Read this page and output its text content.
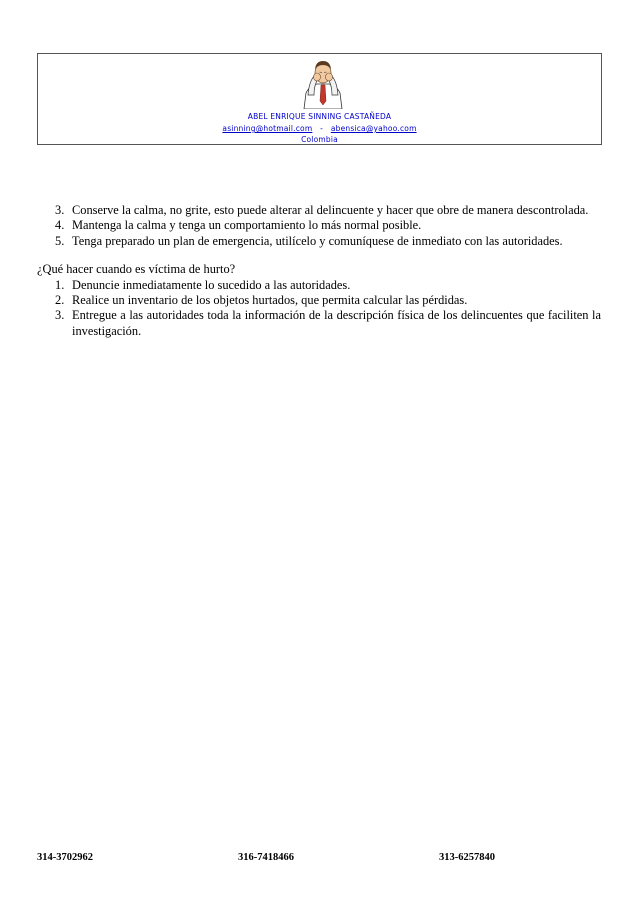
ABEL ENRIQUE SINNING CASTAÑEDA
asinning@hotmail.com - abensica@yahoo.com
Colombia
3. Conserve la calma, no grite, esto puede alterar al delincuente y hacer que obre de manera descontrolada.
4. Mantenga la calma y tenga un comportamiento lo más normal posible.
5. Tenga preparado un plan de emergencia, utilícelo y comuníquese de inmediato con las autoridades.
¿Qué hacer cuando es víctima de hurto?
1. Denuncie inmediatamente lo sucedido a las autoridades.
2. Realice un inventario de los objetos hurtados, que permita calcular las pérdidas.
3. Entregue a las autoridades toda la información de la descripción física de los delincuentes que faciliten la investigación.
314-3702962	316-7418466	313-6257840
